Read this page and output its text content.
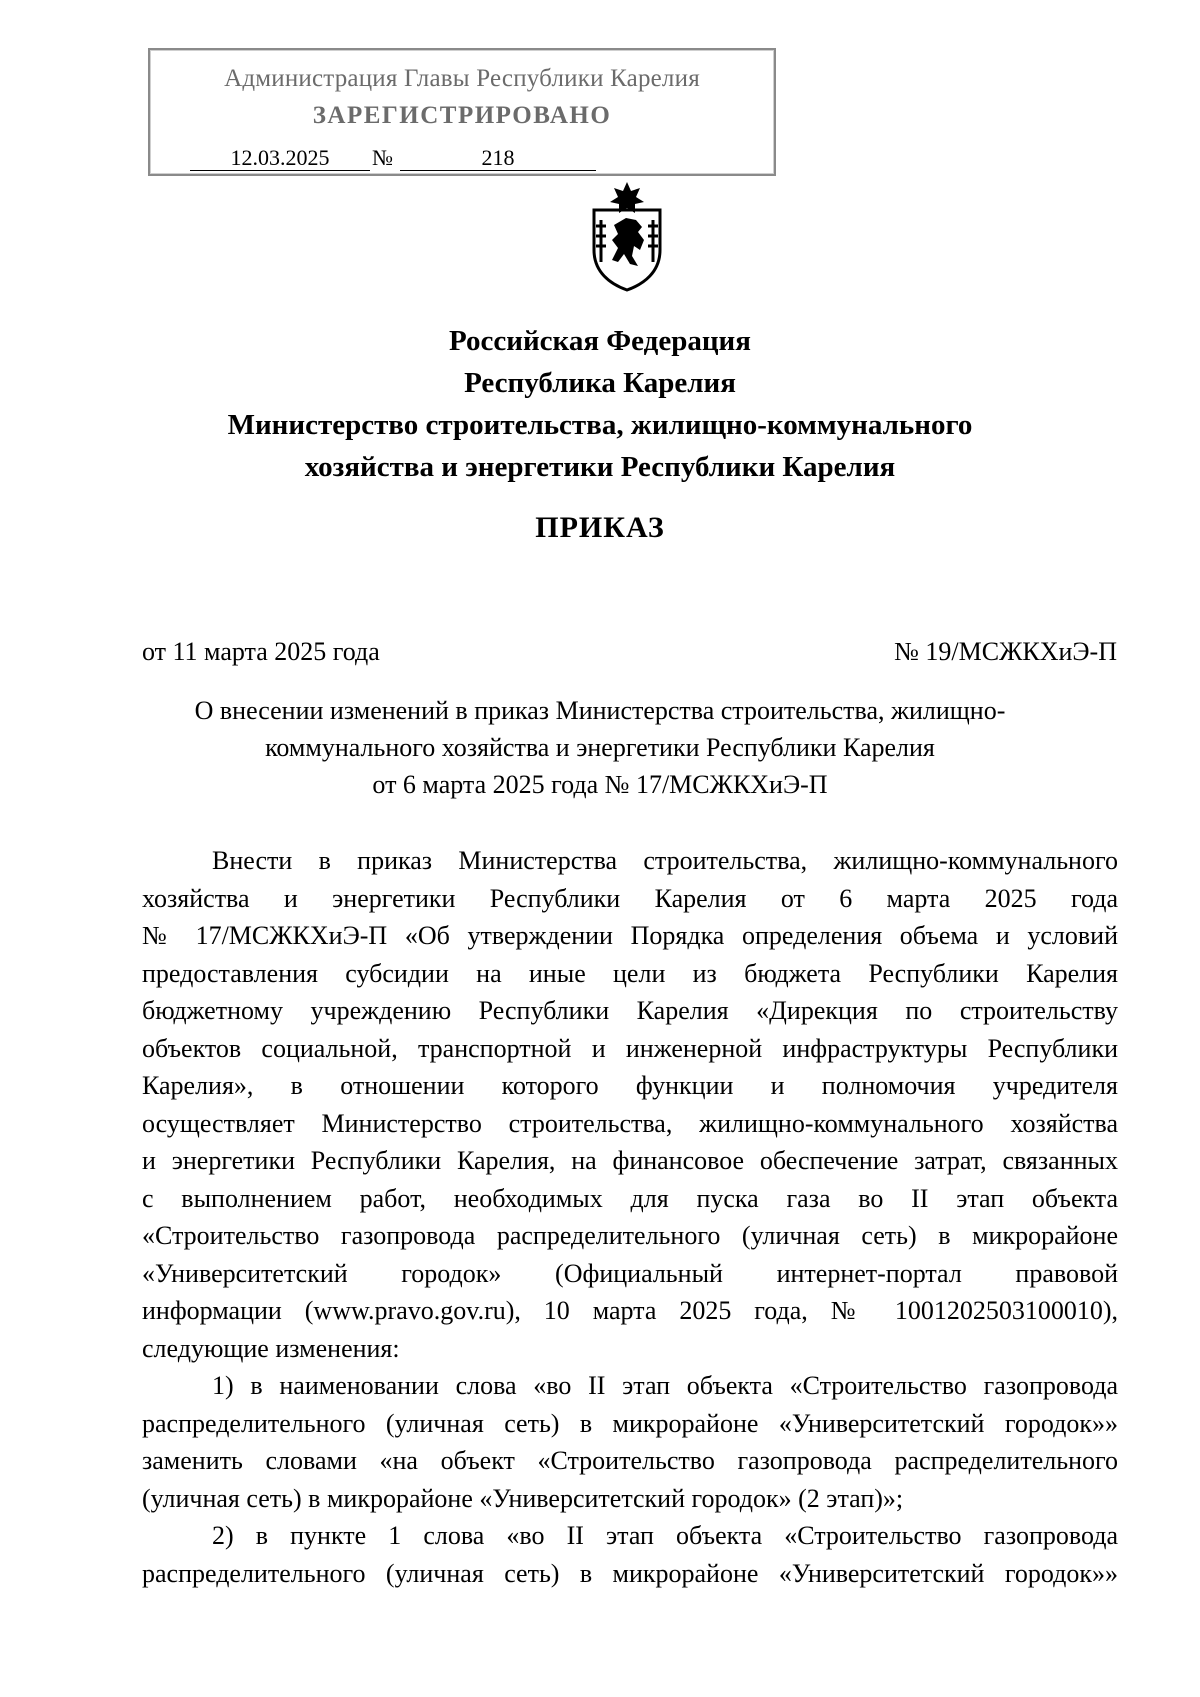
Администрация Главы Республики Карелия
ЗАРЕГИСТРИРОВАНО
12.03.2025	№	218
Российская Федерация
Республика Карелия
Министерство строительства, жилищно-коммунального
хозяйства и энергетики Республики Карелия
ПРИКАЗ
от 11 марта 2025 года	№ 19/МСЖКХиЭ-П
О внесении изменений в приказ Министерства строительства, жилищно-
коммунального хозяйства и энергетики Республики Карелия
от 6 марта 2025 года № 17/МСЖКХиЭ-П
Внести в приказ Министерства строительства, жилищно-коммунального
хозяйства и энергетики Республики Карелия от 6 марта 2025 года
№ 17/МСЖКХиЭ-П «Об утверждении Порядка определения объема и условий
предоставления субсидии на иные цели из бюджета Республики Карелия
бюджетному учреждению Республики Карелия «Дирекция по строительству
объектов социальной, транспортной и инженерной инфраструктуры Республики
Карелия», в отношении которого функции и полномочия учредителя
осуществляет Министерство строительства, жилищно-коммунального хозяйства
и энергетики Республики Карелия, на финансовое обеспечение затрат, связанных
с выполнением работ, необходимых для пуска газа во II этап объекта
«Строительство газопровода распределительного (уличная сеть) в микрорайоне
«Университетский городок» (Официальный интернет-портал правовой
информации (www.pravo.gov.ru), 10 марта 2025 года, № 1001202503100010),
следующие изменения:
1) в наименовании слова «во II этап объекта «Строительство газопровода
распределительного (уличная сеть) в микрорайоне «Университетский городок»»
заменить словами «на объект «Строительство газопровода распределительного
(уличная сеть) в микрорайоне «Университетский городок» (2 этап)»;
2) в пункте 1 слова «во II этап объекта «Строительство газопровода
распределительного (уличная сеть) в микрорайоне «Университетский городок»»
